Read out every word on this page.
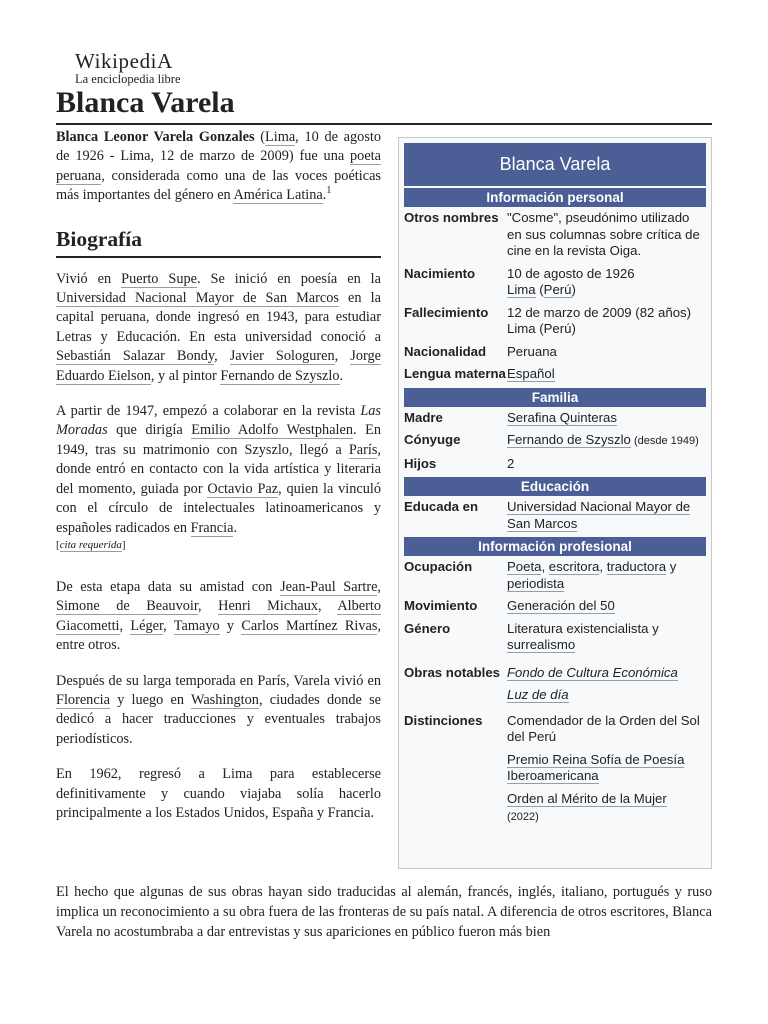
WikipediA
La enciclopedia libre
Blanca Varela

Blanca Leonor Varela Gonzales (Lima, 10 de agosto de 1926 - Lima, 12 de marzo de 2009) fue una poeta peruana, considerada como una de las voces poéticas más importantes del género en América Latina.$^1$

Biografía

Vivió en Puerto Supe. Se inició en poesía en la Universidad Nacional Mayor de San Marcos en la capital peruana, donde ingresó en 1943, para estudiar Letras y Educación. En esta universidad conoció a Sebastián Salazar Bondy, Javier Sologuren, Jorge Eduardo Eielson, y al pintor Fernando de Szyszlo.

A partir de 1947, empezó a colaborar en la revista Las Moradas que dirigía Emilio Adolfo Westphalen. En 1949, tras su matrimonio con Szyszlo, llegó a París, donde entró en contacto con la vida artística y literaria del momento, guiada por Octavio Paz, quien la vinculó con el círculo de intelectuales latinoamericanos y españoles radicados en Francia.
[cita requerida]

De esta etapa data su amistad con Jean-Paul Sartre, Simone de Beauvoir, Henri Michaux, Alberto Giacometti, Léger, Tamayo y Carlos Martínez Rivas, entre otros.

Después de su larga temporada en París, Varela vivió en Florencia y luego en Washington, ciudades donde se dedicó a hacer traducciones y eventuales trabajos periodísticos.

En 1962, regresó a Lima para establecerse definitivamente y cuando viajaba solía hacerlo principalmente a los Estados Unidos, España y Francia.

El hecho que algunas de sus obras hayan sido traducidas al alemán, francés, inglés, italiano, portugués y ruso implica un reconocimiento a su obra fuera de las fronteras de su país natal. A diferencia de otros escritores, Blanca Varela no acostumbraba a dar entrevistas y sus apariciones en público fueron más bien
Blanca Varela
Información personal
Otros nombres "Cosme", pseudónimo utilizado en sus columnas sobre crítica de cine en la revista Oiga.
Nacimiento	10 de agosto de 1926
Lima (Perú)
Fallecimiento	12 de marzo de 2009 (82 años)
Lima (Perú)
Nacionalidad	Peruana
Lengua materna Español
Familia
Madre	Serafina Quinteras
Cónyuge	Fernando de Szyszlo (desde 1949)
Hijos	2
Educación
Educada en	Universidad Nacional Mayor de San Marcos
Información profesional
Ocupación	Poeta, escritora, traductora y periodista
Movimiento	Generación del 50
Género	Literatura existencialista y surrealismo
Obras notables Fondo de Cultura Económica
Luz de día
Distinciones	Comendador de la Orden del Sol del Perú
Premio Reina Sofía de Poesía Iberoamericana
Orden al Mérito de la Mujer (2022)
